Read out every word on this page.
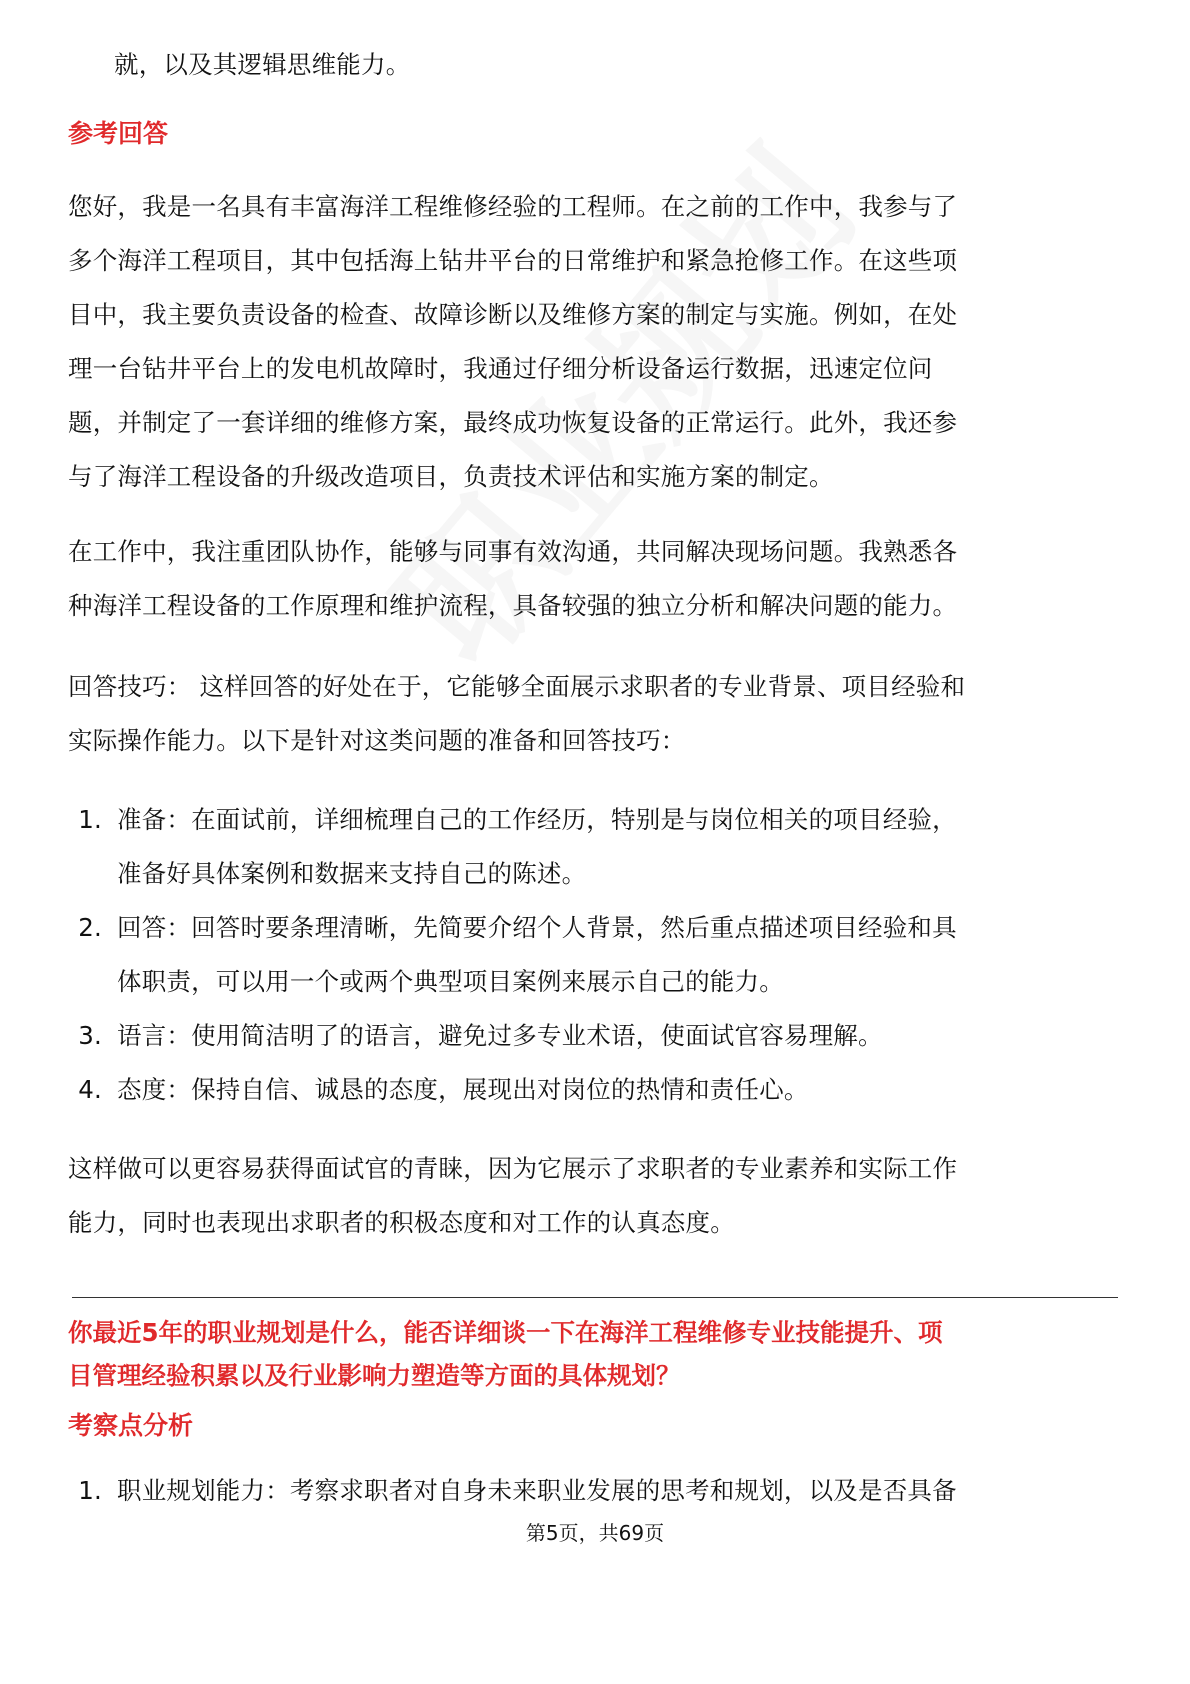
就，以及其逻辑思维能力。

参考回答

您好，我是一名具有丰富海洋工程维修经验的工程师。在之前的工作中，我参与了
多个海洋工程项目，其中包括海上钻井平台的日常维护和紧急抢修工作。在这些项
目中，我主要负责设备的检查、故障诊断以及维修方案的制定与实施。例如，在处
理一台钻井平台上的发电机故障时，我通过仔细分析设备运行数据，迅速定位问
题，并制定了一套详细的维修方案，最终成功恢复设备的正常运行。此外，我还参
与了海洋工程设备的升级改造项目，负责技术评估和实施方案的制定。
在工作中，我注重团队协作，能够与同事有效沟通，共同解决现场问题。我熟悉各
种海洋工程设备的工作原理和维护流程，具备较强的独立分析和解决问题的能力。
回答技巧： 这样回答的好处在于，它能够全面展示求职者的专业背景、项目经验和
实际操作能力。以下是针对这类问题的准备和回答技巧：
1. 准备：在面试前，详细梳理自己的工作经历，特别是与岗位相关的项目经验，
准备好具体案例和数据来支持自己的陈述。
2. 回答：回答时要条理清晰，先简要介绍个人背景，然后重点描述项目经验和具
体职责，可以用一个或两个典型项目案例来展示自己的能力。
3. 语言：使用简洁明了的语言，避免过多专业术语，使面试官容易理解。
4. 态度：保持自信、诚恳的态度，展现出对岗位的热情和责任心。
这样做可以更容易获得面试官的青睐，因为它展示了求职者的专业素养和实际工作
能力，同时也表现出求职者的积极态度和对工作的认真态度。
你最近5年的职业规划是什么，能否详细谈一下在海洋工程维修专业技能提升、项
目管理经验积累以及行业影响力塑造等方面的具体规划？

考察点分析

1. 职业规划能力：考察求职者对自身未来职业发展的思考和规划，以及是否具备
第5页，共69页
